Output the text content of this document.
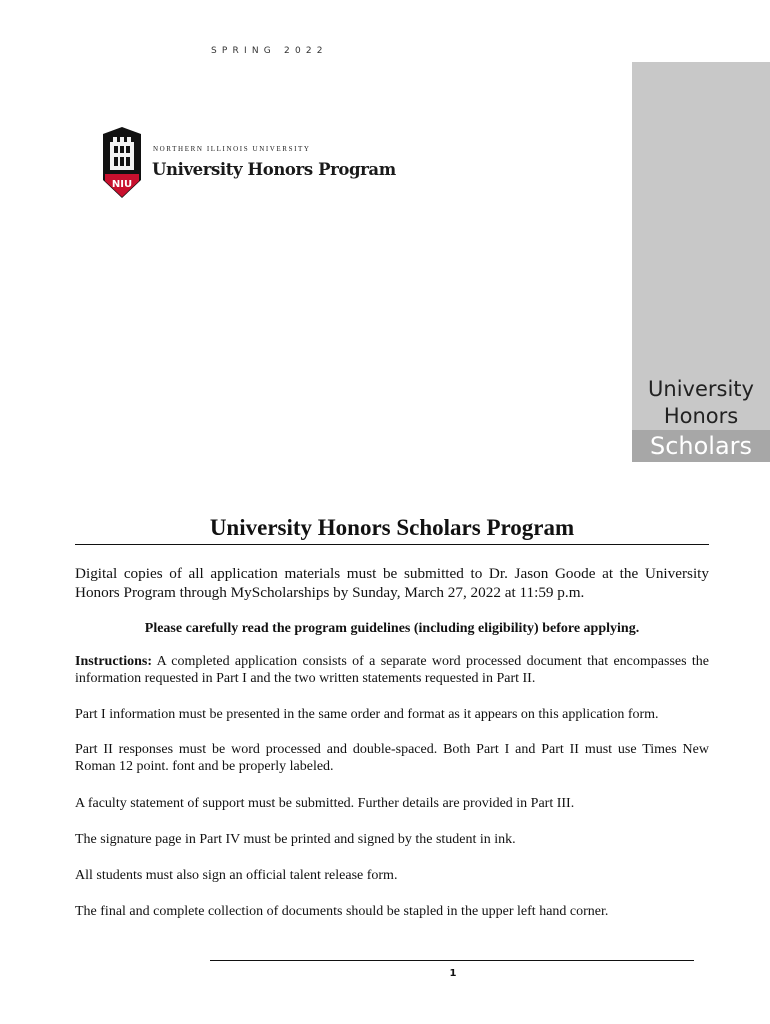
SPRING 2022
NIU
NORTHERN ILLINOIS UNIVERSITY
University Honors Program
University
Honors
Scholars
University Honors Scholars Program
Digital copies of all application materials must be submitted to Dr. Jason Goode at the University Honors Program through MyScholarships by Sunday, March 27, 2022 at 11:59 p.m.
Please carefully read the program guidelines (including eligibility) before applying.
Instructions: A completed application consists of a separate word processed document that encompasses the information requested in Part I and the two written statements requested in Part II.
Part I information must be presented in the same order and format as it appears on this application form.
Part II responses must be word processed and double-spaced. Both Part I and Part II must use Times New Roman 12 point. font and be properly labeled.
A faculty statement of support must be submitted. Further details are provided in Part III.
The signature page in Part IV must be printed and signed by the student in ink.
All students must also sign an official talent release form.
The final and complete collection of documents should be stapled in the upper left hand corner.
1
